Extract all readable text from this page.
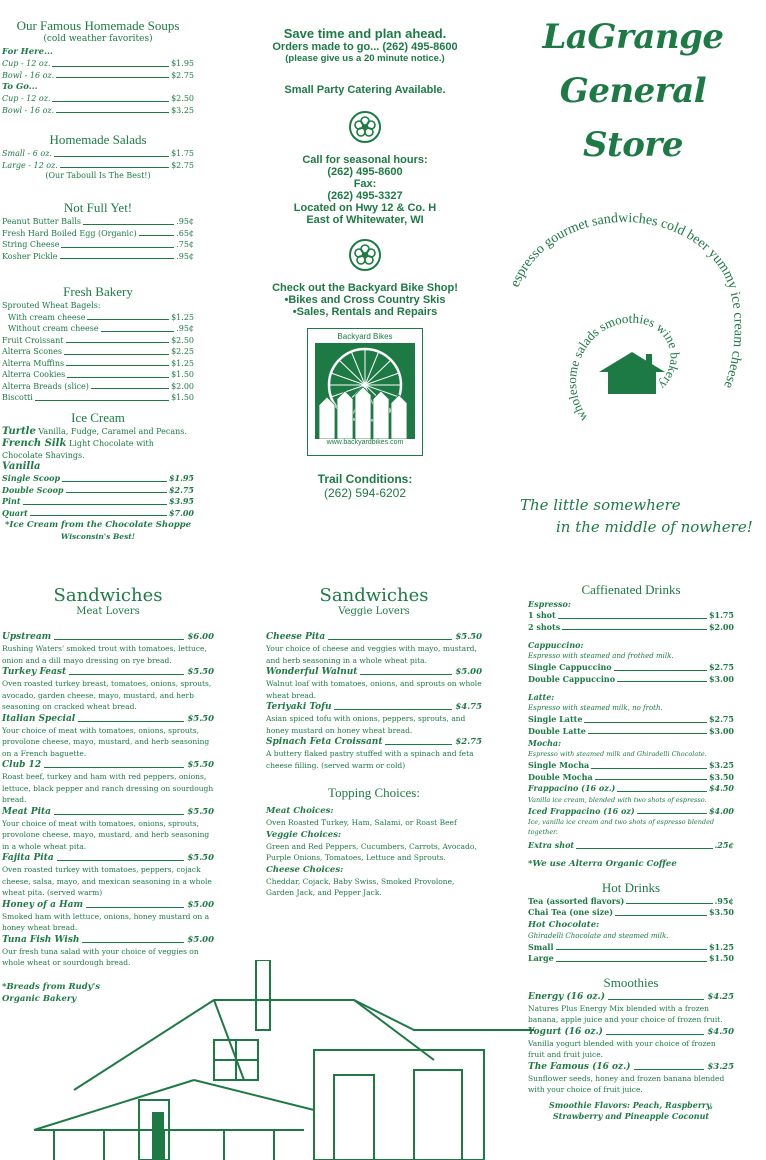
Our Famous Homemade Soups
(cold weather favorites)
For Here...
Cup - 12 oz.	$1.95
Bowl - 16 oz.	$2.75
To Go...
Cup - 12 oz.	$2.50
Bowl - 16 oz.	$3.25
Homemade Salads
Small - 6 oz.	$1.75
Large - 12 oz.	$2.75
(Our Taboull Is The Best!)
Not Full Yet!
Peanut Butter Balls	.95¢
Fresh Hard Boiled Egg (Organic)	.65¢
String Cheese	.75¢
Kosher Pickle	.95¢
Fresh Bakery
Sprouted Wheat Bagels:
With cream cheese	$1.25
Without cream cheese	.95¢
Fruit Croissant	$2.50
Alterra Scones	$2.25
Alterra Muffins	$1.25
Alterra Cookies	$1.50
Alterra Breads (slice)	$2.00
Biscotti	$1.50
Ice Cream
Turtle Vanilla, Fudge, Caramel and Pecans.
French Silk Light Chocolate with Chocolate Shavings.
Vanilla
Single Scoop	$1.95
Double Scoop	$2.75
Pint	$3.95
Quart	$7.00
*Ice Cream from the Chocolate Shoppe
Wisconsin's Best!
Save time and plan ahead.
Orders made to go... (262) 495-8600
(please give us a 20 minute notice.)
Small Party Catering Available.
Call for seasonal hours:
(262) 495-8600
Fax:
(262) 495-3327
Located on Hwy 12 & Co. H
East of Whitewater, WI
Check out the Backyard Bike Shop!
•Bikes and Cross Country Skis
•Sales, Rentals and Repairs
Backyard Bikes
www.backyardbikes.com
Trail Conditions:
(262) 594-6202
LaGrange
General Store
espresso gourmet sandwiches cold beer yummy ice cream cheese
wholesome salads smoothies wine bakery
The little somewhere
in the middle of nowhere!
Sandwiches
Meat Lovers
Upstream	$6.00
Rushing Waters' smoked trout with tomatoes, lettuce, onion and a dill mayo dressing on rye bread.
Turkey Feast	$5.50
Oven roasted turkey breast, tomatoes, onions, sprouts, avocado, garden cheese, mayo, mustard, and herb seasoning on cracked wheat bread.
Italian Special	$5.50
Your choice of meat with tomatoes, onions, sprouts, provolone cheese, mayo, mustard, and herb seasoning on a French baguette.
Club 12	$5.50
Roast beef, turkey and ham with red peppers, onions, lettuce, black pepper and ranch dressing on sourdough bread.
Meat Pita	$5.50
Your choice of meat with tomatoes, onions, sprouts, provolone cheese, mayo, mustard, and herb seasoning in a whole wheat pita.
Fajita Pita	$5.50
Oven roasted turkey with tomatoes, peppers, cojack cheese, salsa, mayo, and mexican seasoning in a whole wheat pita. (served warm)
Honey of a Ham	$5.00
Smoked ham with lettuce, onions, honey mustard on a honey wheat bread.
Tuna Fish Wish	$5.00
Our fresh tuna salad with your choice of veggies on whole wheat or sourdough bread.
*Breads from Rudy's
Organic Bakery
Sandwiches
Veggie Lovers
Cheese Pita	$5.50
Your choice of cheese and veggies with mayo, mustard, and herb seasoning in a whole wheat pita.
Wonderful Walnut	$5.00
Walnut loaf with tomatoes, onions, and sprouts on whole wheat bread.
Teriyaki Tofu	$4.75
Asian spiced tofu with onions, peppers, sprouts, and honey mustard on honey wheat bread.
Spinach Feta Croissant	$2.75
A buttery flaked pastry stuffed with a spinach and feta cheese filling. (served warm or cold)
Topping Choices:
Meat Choices:
Oven Roasted Turkey, Ham, Salami, or Roast Beef
Veggie Choices:
Green and Red Peppers, Cucumbers, Carrots, Avocado, Purple Onions, Tomatoes, Lettuce and Sprouts.
Cheese Choices:
Cheddar, Cojack, Baby Swiss, Smoked Provolone, Garden Jack, and Pepper Jack.
Caffienated Drinks
Espresso:
1 shot	$1.75
2 shots	$2.00
Cappuccino:
Espresso with steamed and frothed milk.
Single Cappuccino	$2.75
Double Cappuccino	$3.00
Latte:
Espresso with steamed milk, no froth.
Single Latte	$2.75
Double Latte	$3.00
Mocha:
Espresso with steamed milk and Ghiradelli Chocolate.
Single Mocha	$3.25
Double Mocha	$3.50
Frappacino (16 oz.)	$4.50
Vanilla ice cream, blended with two shots of espresso.
Iced Frappacino (16 oz)	$4.00
Ice, vanilla ice cream and two shots of espresso blended together.
Extra shot	.25¢
*We use Alterra Organic Coffee
Hot Drinks
Tea (assorted flavors)	.95¢
Chai Tea (one size)	$3.50
Hot Chocolate:
Ghiradelli Chocolate and steamed milk.
Small	$1.25
Large	$1.50
Smoothies
Energy (16 oz.)	$4.25
Natures Plus Energy Mix blended with a frozen banana, apple juice and your choice of frozen fruit.
Yogurt (16 oz.)	$4.50
Vanilla yogurt blended with your choice of frozen fruit and fruit juice.
The Famous (16 oz.)	$3.25
Sunflower seeds, honey and frozen banana blended with your choice of fruit juice.
Smoothie Flavors: Peach, Raspberry, Strawberry and Pineapple Coconut
